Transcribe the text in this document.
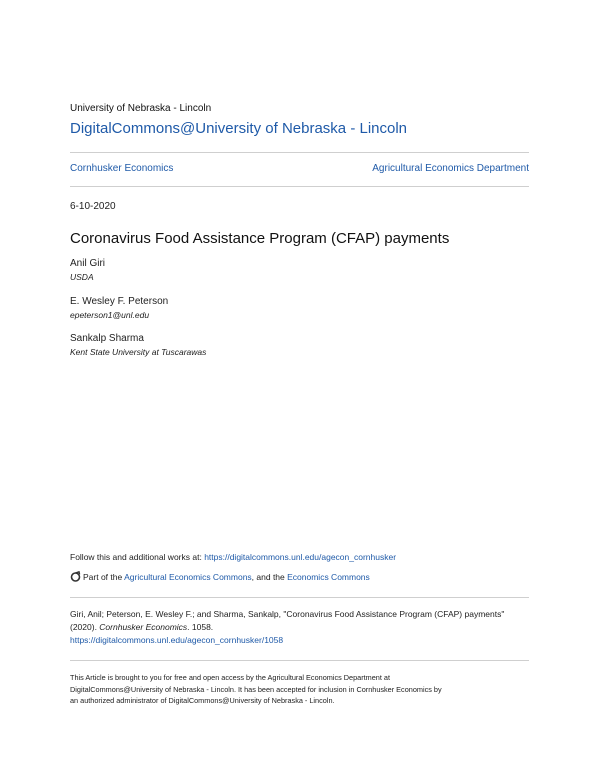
University of Nebraska - Lincoln
DigitalCommons@University of Nebraska - Lincoln
Cornhusker Economics	Agricultural Economics Department
6-10-2020
Coronavirus Food Assistance Program (CFAP) payments
Anil Giri
USDA
E. Wesley F. Peterson
epeterson1@unl.edu
Sankalp Sharma
Kent State University at Tuscarawas
Follow this and additional works at: https://digitalcommons.unl.edu/agecon_cornhusker
Part of the Agricultural Economics Commons, and the Economics Commons
Giri, Anil; Peterson, E. Wesley F.; and Sharma, Sankalp, "Coronavirus Food Assistance Program (CFAP) payments" (2020). Cornhusker Economics. 1058.
https://digitalcommons.unl.edu/agecon_cornhusker/1058
This Article is brought to you for free and open access by the Agricultural Economics Department at
DigitalCommons@University of Nebraska - Lincoln. It has been accepted for inclusion in Cornhusker Economics by
an authorized administrator of DigitalCommons@University of Nebraska - Lincoln.
